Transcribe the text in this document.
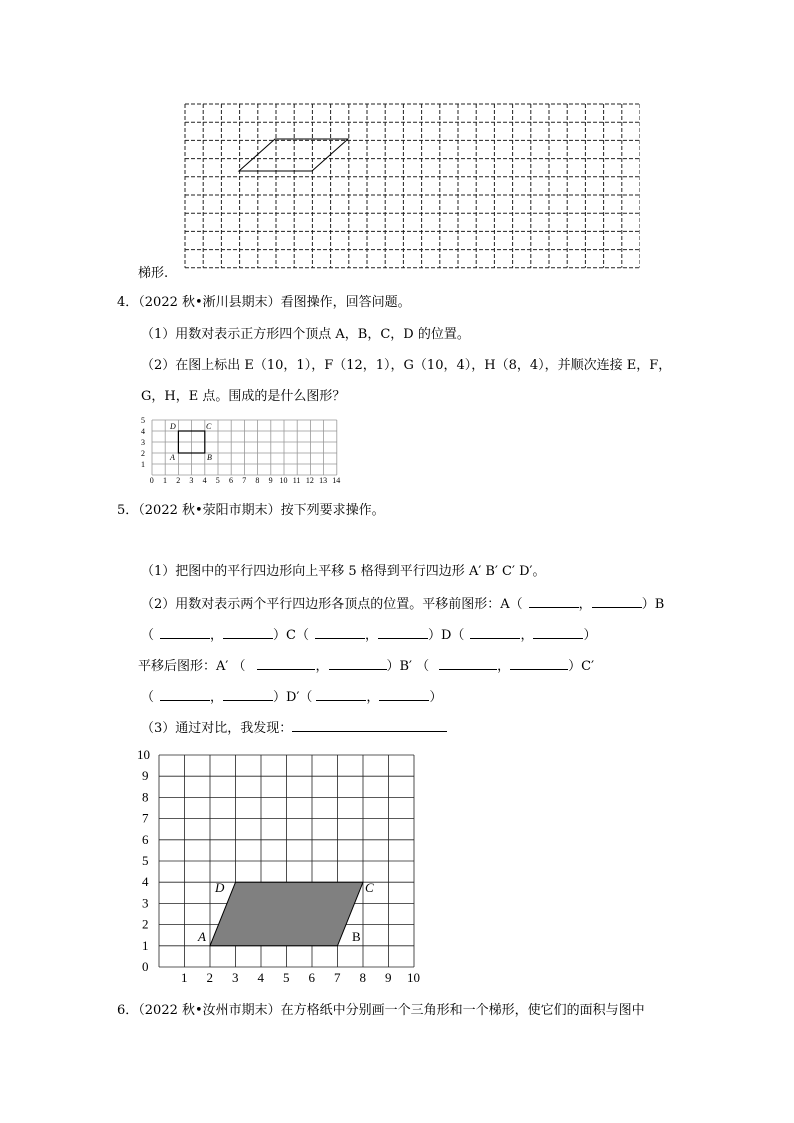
梯形.
4．（2022 秋•淅川县期末）看图操作，回答问题。
（1）用数对表示正方形四个顶点 A，B，C，D 的位置。
（2）在图上标出 E（10，1），F（12，1），G（10，4），H（8，4），并顺次连接 E，F，
G，H，E 点。围成的是什么图形？
0 1 2 3 4 5 6 7 8 9 10 11 12 13 14
1
2
3
4
5
A	B
C
D
5．（2022 秋•荥阳市期末）按下列要求操作。
（1）把图中的平行四边形向上平移 5 格得到平行四边形 A′ B′ C′ D′。
（2）用数对表示两个平行四边形各顶点的位置。平移前图形：A（	，	）B
（	，	）C（	，	）D（	，	）
平移后图形：A′ （	，	）B′ （	，	）C′
（	，	）D′（	，	）
（3）通过对比，我发现：
1 2 3 4 5 6 7 8 9 10
0
1
2
3
4
5
6
7
8
9
10
A	B
C
D
6．（2022 秋•汝州市期末）在方格纸中分别画一个三角形和一个梯形，使它们的面积与图中
